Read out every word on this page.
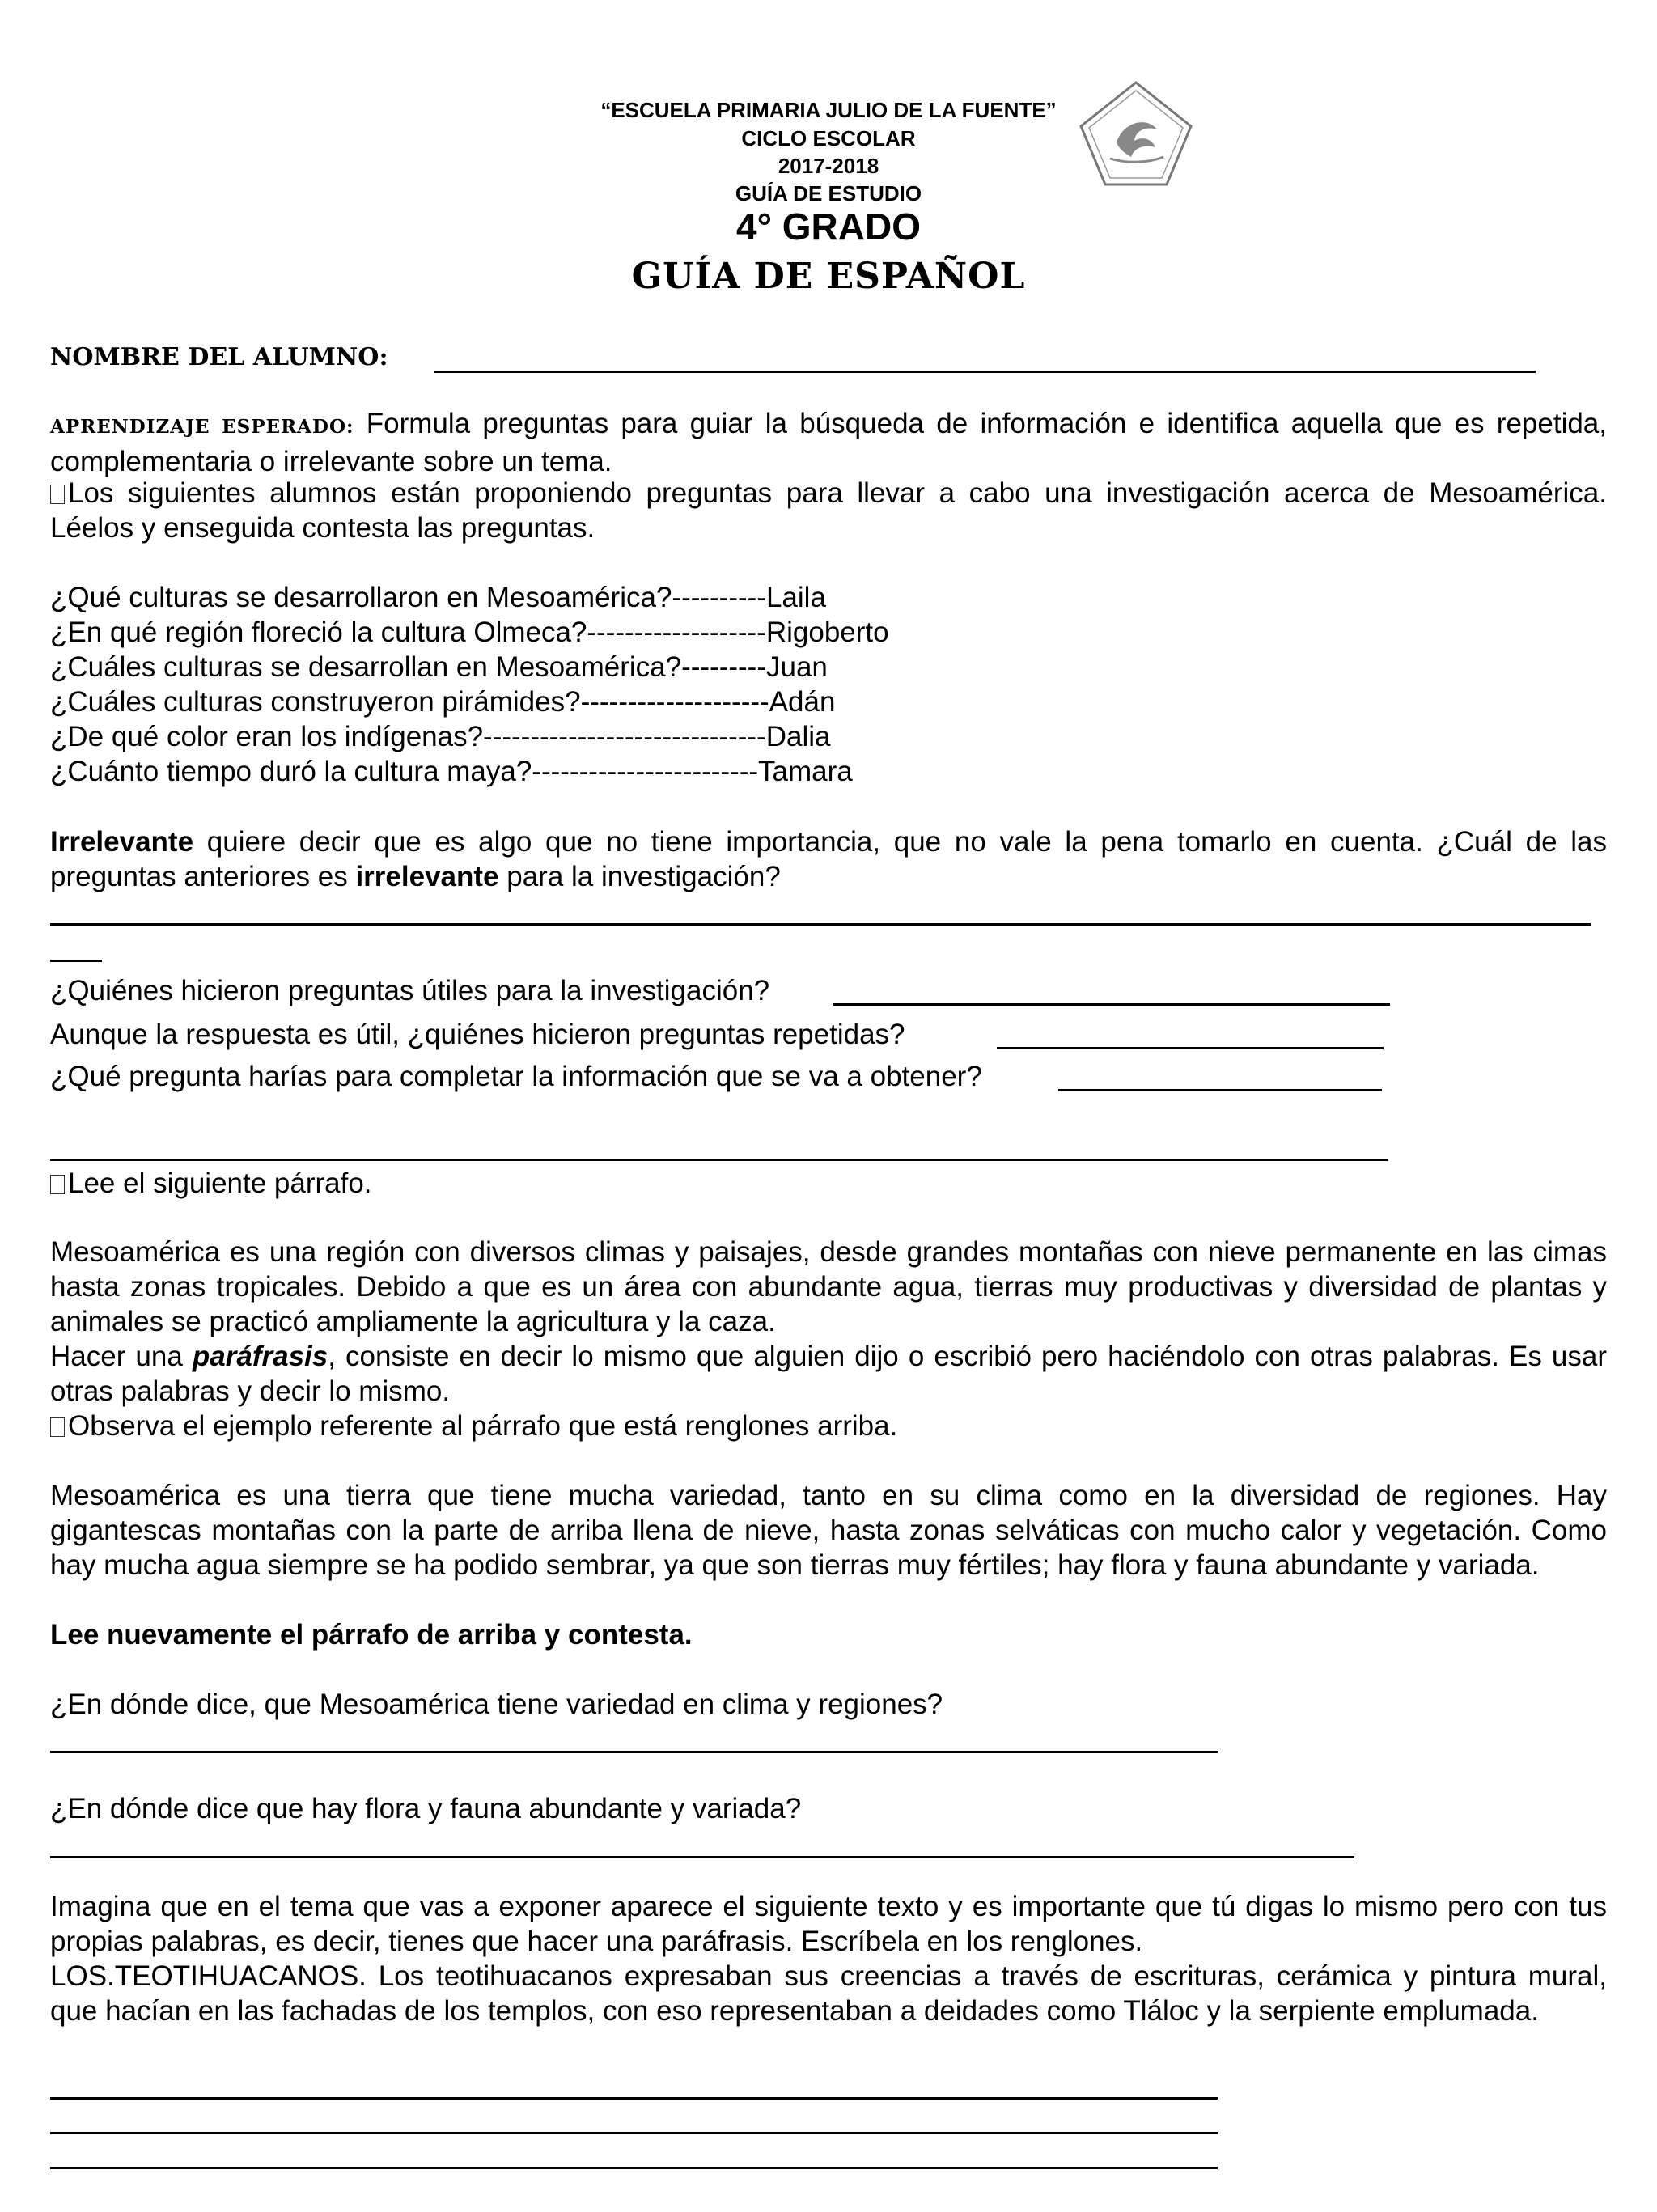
“ESCUELA PRIMARIA JULIO DE LA FUENTE”
CICLO ESCOLAR
2017-2018
GUÍA DE ESTUDIO
4° GRADO
GUÍA DE ESPAÑOL
NOMBRE DEL ALUMNO:
APRENDIZAJE ESPERADO: Formula preguntas para guiar la búsqueda de información e identifica aquella que es repetida, complementaria o irrelevante sobre un tema.
Los siguientes alumnos están proponiendo preguntas para llevar a cabo una investigación acerca de Mesoamérica. Léelos y enseguida contesta las preguntas.
¿Qué culturas se desarrollaron en Mesoamérica?----------Laila
¿En qué región floreció la cultura Olmeca?-------------------Rigoberto
¿Cuáles culturas se desarrollan en Mesoamérica?---------Juan
¿Cuáles culturas construyeron pirámides?--------------------Adán
¿De qué color eran los indígenas?------------------------------Dalia
¿Cuánto tiempo duró la cultura maya?------------------------Tamara
Irrelevante quiere decir que es algo que no tiene importancia, que no vale la pena tomarlo en cuenta. ¿Cuál de las preguntas anteriores es irrelevante para la investigación?
¿Quiénes hicieron preguntas útiles para la investigación?
Aunque la respuesta es útil, ¿quiénes hicieron preguntas repetidas?
¿Qué pregunta harías para completar la información que se va a obtener?
Lee el siguiente párrafo.
Mesoamérica es una región con diversos climas y paisajes, desde grandes montañas con nieve permanente en las cimas hasta zonas tropicales. Debido a que es un área con abundante agua, tierras muy productivas y diversidad de plantas y animales se practicó ampliamente la agricultura y la caza.
Hacer una paráfrasis, consiste en decir lo mismo que alguien dijo o escribió pero haciéndolo con otras palabras. Es usar otras palabras y decir lo mismo.
Observa el ejemplo referente al párrafo que está renglones arriba.
Mesoamérica es una tierra que tiene mucha variedad, tanto en su clima como en la diversidad de regiones. Hay gigantescas montañas con la parte de arriba llena de nieve, hasta zonas selváticas con mucho calor y vegetación. Como hay mucha agua siempre se ha podido sembrar, ya que son tierras muy fértiles; hay flora y fauna abundante y variada.
Lee nuevamente el párrafo de arriba y contesta.
¿En dónde dice, que Mesoamérica tiene variedad en clima y regiones?
¿En dónde dice que hay flora y fauna abundante y variada?
Imagina que en el tema que vas a exponer aparece el siguiente texto y es importante que tú digas lo mismo pero con tus propias palabras, es decir, tienes que hacer una paráfrasis. Escríbela en los renglones.
LOS.TEOTIHUACANOS. Los teotihuacanos expresaban sus creencias a través de escrituras, cerámica y pintura mural, que hacían en las fachadas de los templos, con eso representaban a deidades como Tláloc y la serpiente emplumada.
